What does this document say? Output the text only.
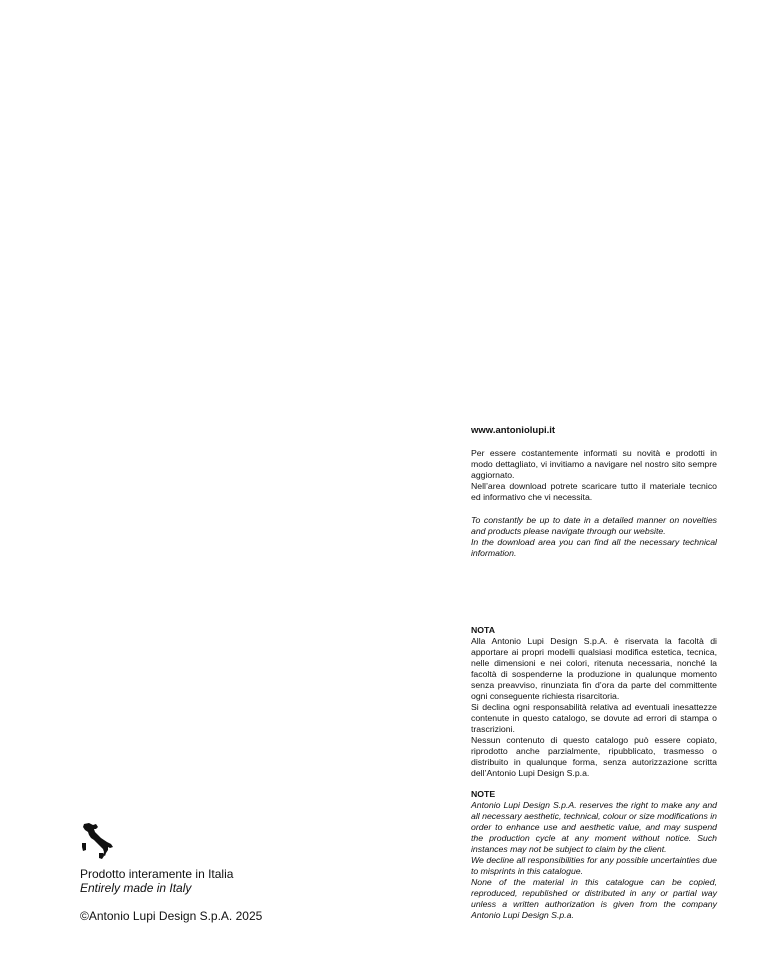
www.antoniolupi.it

Per essere costantemente informati su novità e prodotti in modo dettagliato, vi invitiamo a navigare nel nostro sito sempre aggiornato.

Nell’area download potrete scaricare tutto il materiale tecnico ed informativo che vi necessita.

To constantly be up to date in a detailed manner on novelties and products please navigate through our website.

In the download area you can find all the necessary technical information.

NOTA

Alla Antonio Lupi Design S.p.A. è riservata la facoltà di apportare ai propri modelli qualsiasi modifica estetica, tecnica, nelle dimensioni e nei colori, ritenuta necessaria, nonché la facoltà di sospenderne la produzione in qualunque momento senza preavviso, rinunziata fin d’ora da parte del committente ogni conseguente richiesta risarcitoria.

Si declina ogni responsabilità relativa ad eventuali inesattezze contenute in questo catalogo, se dovute ad errori di stampa o trascrizioni.

Nessun contenuto di questo catalogo può essere copiato, riprodotto anche parzialmente, ripubblicato, trasmesso o distribuito in qualunque forma, senza autorizzazione scritta dell’Antonio Lupi Design S.p.a.

NOTE

Antonio Lupi Design S.p.A. reserves the right to make any and all necessary aesthetic, technical, colour or size modifications in order to enhance use and aesthetic value, and may suspend the production cycle at any moment without notice. Such instances may not be subject to claim by the client.

We decline all responsibilities for any possible uncertainties due to misprints in this catalogue.

None of the material in this catalogue can be copied, reproduced, republished or distributed in any or partial way unless a written authorization is given from the company Antonio Lupi Design S.p.a.

Prodotto interamente in Italia

Entirely made in Italy

©Antonio Lupi Design S.p.A. 2025
